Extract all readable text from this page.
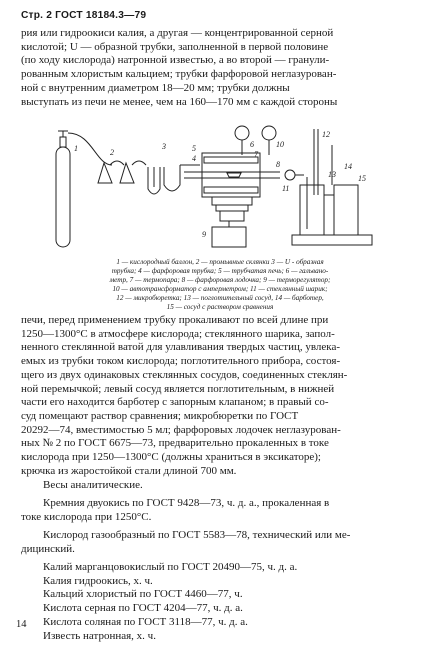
Стр. 2 ГОСТ 18184.3—79
рия или гидроокиси калия, а другая — концентрированной серной
кислотой; U — образной трубки, заполненной в первой половине
(по ходу кислорода) натронной известью, а во второй — гранули-
рованным хлористым кальцием; трубки фарфоровой неглазурован-
ной с внутренним диаметром 18—20 мм; трубки должны
выступать из печи не менее, чем на 160—170 мм с каждой стороны
1	2
3
4
5	6
7
8
9
10
11
12
13
14
15
1 — кислородный баллон, 2 — промывные склянки 3 — U - образная
трубка; 4 — фарфоровая трубка; 5 — трубчатая печь; 6 — гальвано-
метр, 7 — термопара; 8 — фарфоровая лодочка; 9 — терморегулятор;
10 — автотрансформатор с амперметром; 11 — стеклянный шарик;
12 — микробюретка; 13 — поглотительный сосуд, 14 — барботер,
15 — сосуд с раствором сравнения
печи, перед применением трубку прокаливают по всей длине при
1250—1300°С в атмосфере кислорода; стеклянного шарика, запол-
ненного стеклянной ватой для улавливания твердых частиц, увлека-
емых из трубки током кислорода; поглотительного прибора, состоя-
щего из двух одинаковых стеклянных сосудов, соединенных стеклян-
ной перемычкой; левый сосуд является поглотительным, в нижней
части его находится барботер с запорным клапаном; в правый со-
суд помещают раствор сравнения; микробюретки по ГОСТ
20292—74, вместимостью 5 мл; фарфоровых лодочек неглазурован-
ных № 2 по ГОСТ 6675—73, предварительно прокаленных в токе
кислорода при 1250—1300°С (должны храниться в эксикаторе);
крючка из жаростойкой стали длиной 700 мм.
Весы аналитические.
Кремния двуокись по ГОСТ 9428—73, ч. д. а., прокаленная в
токе кислорода при 1250°С.
Кислород газообразный по ГОСТ 5583—78, технический или ме-
дицинский.
Калий марганцовокислый по ГОСТ 20490—75, ч. д. а.
Калия гидроокись, х. ч.
Кальций хлористый по ГОСТ 4460—77, ч.
Кислота серная по ГОСТ 4204—77, ч. д. а.
Кислота соляная по ГОСТ 3118—77, ч. д. а.
Известь натронная, х. ч.
14
